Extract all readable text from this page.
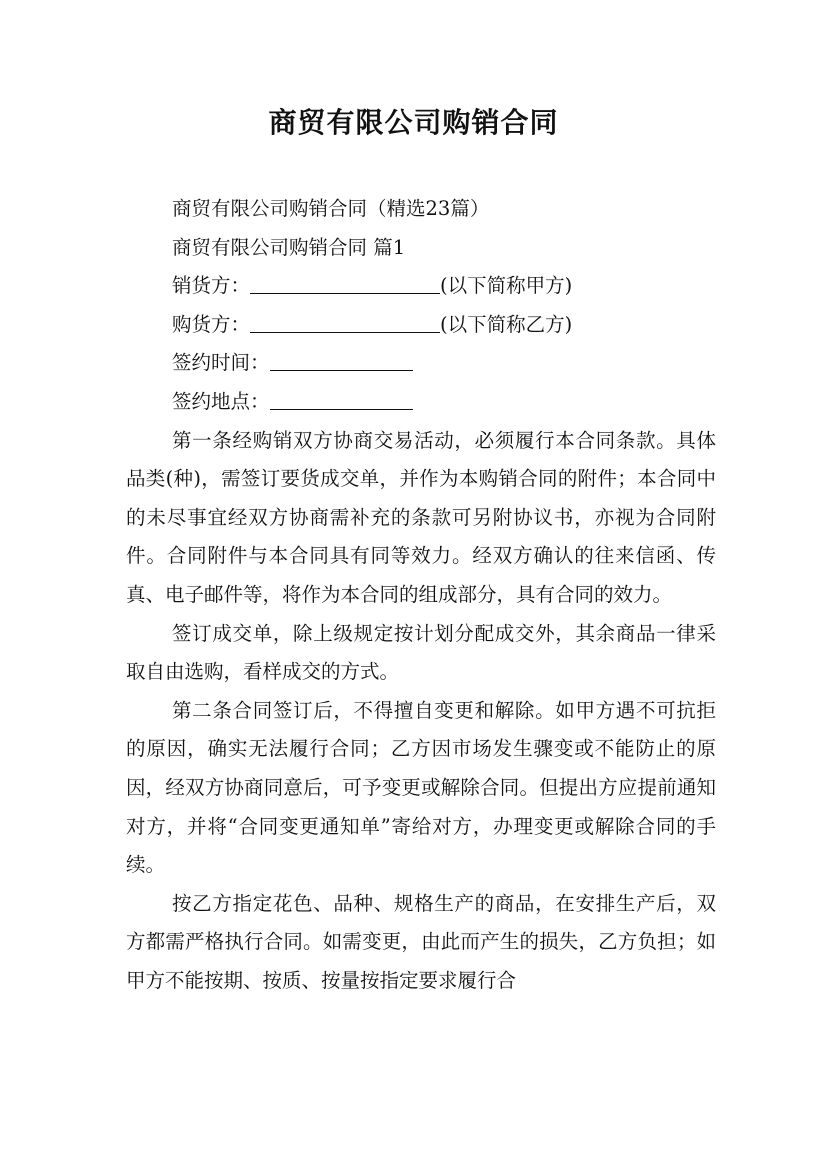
商贸有限公司购销合同

商贸有限公司购销合同（精选23篇）

商贸有限公司购销合同 篇1

销货方：	(以下简称甲方)

购货方：	(以下简称乙方)

签约时间：

签约地点：

第一条经购销双方协商交易活动，必须履行本合同条款。具体品类(种)，需签订要货成交单，并作为本购销合同的附件；本合同中的未尽事宜经双方协商需补充的条款可另附协议书，亦视为合同附件。合同附件与本合同具有同等效力。经双方确认的往来信函、传真、电子邮件等，将作为本合同的组成部分，具有合同的效力。

签订成交单，除上级规定按计划分配成交外，其余商品一律采取自由选购，看样成交的方式。

第二条合同签订后，不得擅自变更和解除。如甲方遇不可抗拒的原因，确实无法履行合同；乙方因市场发生骤变或不能防止的原因，经双方协商同意后，可予变更或解除合同。但提出方应提前通知对方，并将“合同变更通知单”寄给对方，办理变更或解除合同的手续。

按乙方指定花色、品种、规格生产的商品，在安排生产后，双方都需严格执行合同。如需变更，由此而产生的损失，乙方负担；如甲方不能按期、按质、按量按指定要求履行合
